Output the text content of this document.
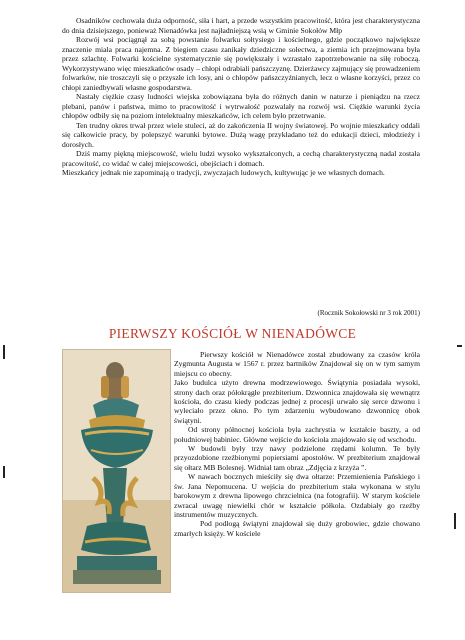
Osadników cechowała duża odporność, siła i hart, a przede wszystkim pracowitość, która jest charakterystyczna do dnia dzisiejszego, ponieważ Nienadówka jest najładniejszą wsią w Gminie Sokołów Młp

Rozwój wsi pociągnął za sobą powstanie folwarku sołtysiego i kościelnego, gdzie początkowo największe znaczenie miała praca najemna. Z biegiem czasu zanikały dziedziczne sołectwa, a ziemia ich przejmowana była przez szlachtę. Folwarki kościelne systematycznie się powiększały i wzrastało zapotrzebowanie na siłę roboczą. Wykorzystywano więc mieszkańców osady – chłopi odrabiali pańszczyznę. Dzierżawcy zajmujący się prowadzeniem folwarków, nie troszczyli się o przyszłe ich losy, ani o chłopów pańszczyźnianych, lecz o własne korzyści, przez co chłopi zaniedbywali własne gospodarstwa.

Nastały ciężkie czasy ludności wiejska zobowiązana była do różnych danin w naturze i pieniądzu na rzecz plebani, panów i państwa, mimo to pracowitość i wytrwałość pozwalały na rozwój wsi. Ciężkie warunki życia chłopów odbiły się na poziom intelektualny mieszkańców, ich celem było przetrwanie.

Ten trudny okres trwał przez wiele stuleci, aż do zakończenia II wojny światowej. Po wojnie mieszkańcy oddali się całkowicie pracy, by polepszyć warunki bytowe. Dużą wagę przykładano też do edukacji dzieci, młodzieży i dorosłych.

Dziś mamy piękną miejscowość, wielu ludzi wysoko wykształconych, a cechą charakterystyczną nadal została pracowitość, co widać w całej miejscowości, obejściach i domach.

Mieszkańcy jednak nie zapominają o tradycji, zwyczajach ludowych, kultywując je we własnych domach.

(Rocznik Sokołowski nr 3 rok 2001)
PIERWSZY KOŚCIÓŁ W NIENADÓWCE

Pierwszy kościół w Nienadówce został zbudowany za czasów króla Zygmunta Augusta w 1567 r. przez bartników Znajdował się on w tym samym miejscu co obecny.

Jako budulca użyto drewna modrzewiowego. Świątynia posiadała wysoki, strony dach oraz półokrągłe prezbiterium. Dzwonnica znajdowała się wewnątrz kościoła, do czasu kiedy podczas jednej z procesji urwało się serce dzwonu i wyleciało przez okno. Po tym zdarzeniu wybudowano dzwonnicę obok świątyni.

Od strony północnej kościoła była zachrystia w kształcie baszty, a od południowej babiniec. Główne wejście do kościoła znajdowało się od wschodu.

W budowli były trzy nawy podzielone rzędami kolumn. Te były przyozdobione rzeźbionymi popiersiami apostołów. W prezbiterium znajdował się ołtarz MB Bolesnej. Widniał tam obraz „Zdjęcia z krzyża ”.

W nawach bocznych mieściły się dwa ołtarze: Przemienienia Pańskiego i św. Jana Nepomucena. U wejścia do prezbiterium stała wykonana w stylu barokowym z drewna lipowego chrzcielnica (na fotografii). W starym kościele zwracał uwagę niewielki chór w kształcie półkola. Ozdabiały go rzeźby instrumentów muzycznych.

Pod podłogą świątyni znajdował się duży grobowiec, gdzie chowano zmarłych księży. W kościele
